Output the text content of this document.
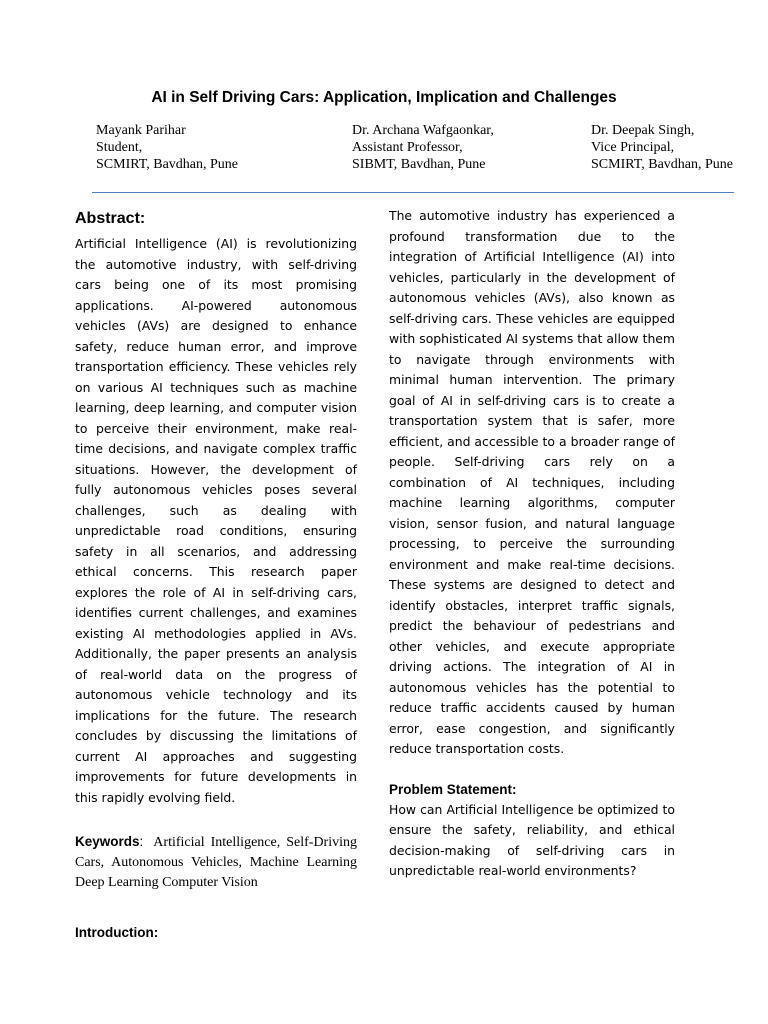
AI in Self Driving Cars: Application, Implication and Challenges
Mayank Parihar
Student,
SCMIRT, Bavdhan, Pune
Dr. Archana Wafgaonkar,
Assistant Professor,
SIBMT, Bavdhan, Pune
Dr. Deepak Singh,
Vice Principal,
SCMIRT, Bavdhan, Pune
Abstract:

Artificial Intelligence (AI) is revolutionizing the automotive industry, with self-driving cars being one of its most promising applications. AI-powered autonomous vehicles (AVs) are designed to enhance safety, reduce human error, and improve transportation efficiency. These vehicles rely on various AI techniques such as machine learning, deep learning, and computer vision to perceive their environment, make real-time decisions, and navigate complex traffic situations. However, the development of fully autonomous vehicles poses several challenges, such as dealing with unpredictable road conditions, ensuring safety in all scenarios, and addressing ethical concerns. This research paper explores the role of AI in self-driving cars, identifies current challenges, and examines existing AI methodologies applied in AVs. Additionally, the paper presents an analysis of real-world data on the progress of autonomous vehicle technology and its implications for the future. The research concludes by discussing the limitations of current AI approaches and suggesting improvements for future developments in this rapidly evolving field.

Keywords: Artificial Intelligence, Self-Driving Cars, Autonomous Vehicles, Machine Learning Deep Learning Computer Vision

Introduction:

The automotive industry has experienced a profound transformation due to the integration of Artificial Intelligence (AI) into vehicles, particularly in the development of autonomous vehicles (AVs), also known as self-driving cars. These vehicles are equipped with sophisticated AI systems that allow them to navigate through environments with minimal human intervention. The primary goal of AI in self-driving cars is to create a transportation system that is safer, more efficient, and accessible to a broader range of people. Self-driving cars rely on a combination of AI techniques, including machine learning algorithms, computer vision, sensor fusion, and natural language processing, to perceive the surrounding environment and make real-time decisions. These systems are designed to detect and identify obstacles, interpret traffic signals, predict the behaviour of pedestrians and other vehicles, and execute appropriate driving actions. The integration of AI in autonomous vehicles has the potential to reduce traffic accidents caused by human error, ease congestion, and significantly reduce transportation costs.

Problem Statement:

How can Artificial Intelligence be optimized to ensure the safety, reliability, and ethical decision-making of self-driving cars in unpredictable real-world environments?
